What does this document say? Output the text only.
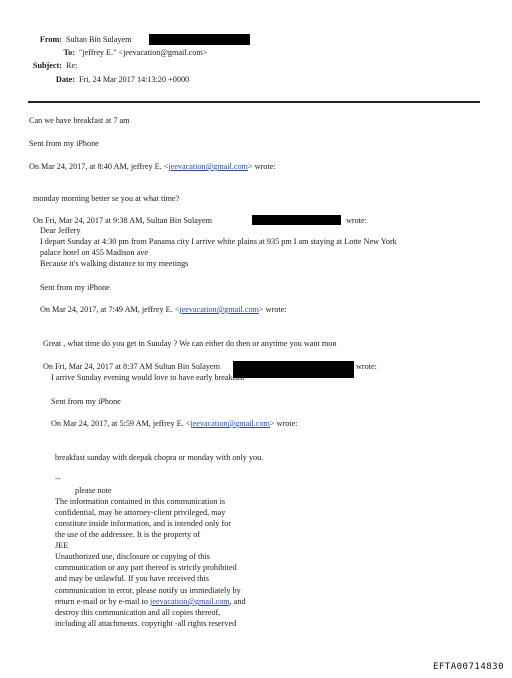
From: Sultan Bin Sulayem
To: "jeffrey E." <jeevacation@gmail.com>
Subject: Re:
Date: Fri, 24 Mar 2017 14:13:20 +0000
Can we have breakfast at 7 am
Sent from my iPhone
On Mar 24, 2017, at 8:40 AM, jeffrey E. <jeevacation@gmail.com> wrote:
monday morning better se you at what time?
On Fri, Mar 24, 2017 at 9:38 AM, Sultan Bin Sulayem	wrote:
Dear Jeffery
I depart Sunday at 4:30 pm from Panama city I arrive white plains at 935 pm I am staying at Lotte New York
palace hotel on 455 Madison ave
Because it's walking distance to my meetings
Sent from my iPhone
On Mar 24, 2017, at 7:49 AM, jeffrey E. <jeevacation@gmail.com> wrote:
Great , what time do you get in Sunday ? We can either do then or anytime you want mon
On Fri, Mar 24, 2017 at 8:37 AM Sultan Bin Sulayem	wrote:
I arrive Sunday evening would love to have early breakfast
Sent from my iPhone
On Mar 24, 2017, at 5:59 AM, jeffrey E. <jeevacation@gmail.com> wrote:
breakfast sunday with deepak chopra or monday with only you.
--
please note
The information contained in this communication is
confidential, may be attorney-client privileged, may
constitute inside information, and is intended only for
the use of the addressee. It is the property of
JEE
Unauthorized use, disclosure or copying of this
communication or any part thereof is strictly prohibited
and may be unlawful. If you have received this
communication in error, please notify us immediately by
return e-mail or by e-mail to jeevacation@gmail.com, and
destroy this communication and all copies thereof,
including all attachments. copyright -all rights reserved
EFTA00714830
